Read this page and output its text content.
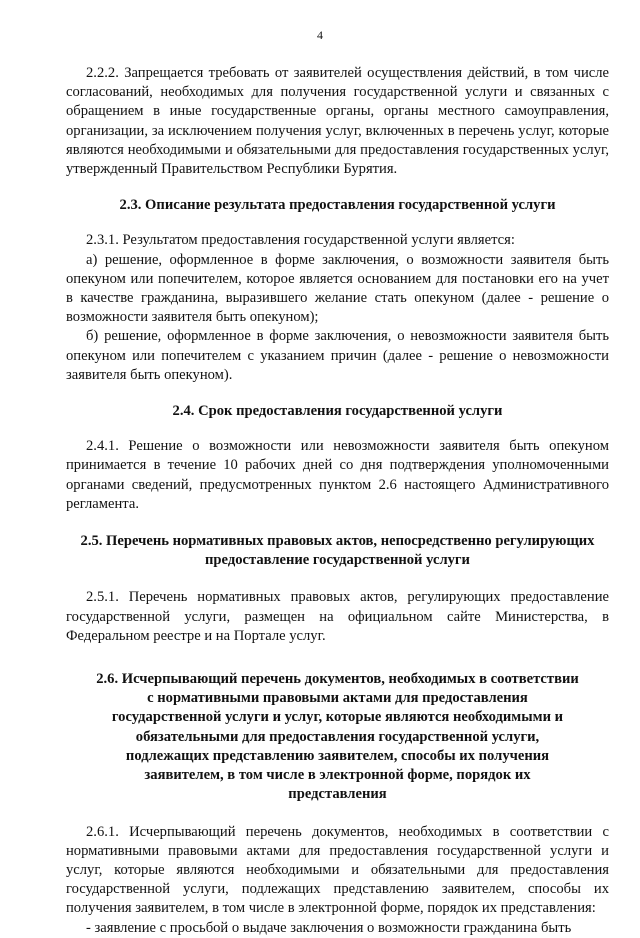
4

2.2.2. Запрещается требовать от заявителей осуществления действий, в том числе согласований, необходимых для получения государственной услуги и связанных с обращением в иные государственные органы, органы местного самоуправления, организации, за исключением получения услуг, включенных в перечень услуг, которые являются необходимыми и обязательными для предоставления государственных услуг, утвержденный Правительством Республики Бурятия.

2.3. Описание результата предоставления государственной услуги

2.3.1. Результатом предоставления государственной услуги является:

а) решение, оформленное в форме заключения, о возможности заявителя быть опекуном или попечителем, которое является основанием для постановки его на учет в качестве гражданина, выразившего желание стать опекуном (далее - решение о возможности заявителя быть опекуном);

б) решение, оформленное в форме заключения, о невозможности заявителя быть опекуном или попечителем с указанием причин (далее - решение о невозможности заявителя быть опекуном).

2.4. Срок предоставления государственной услуги

2.4.1. Решение о возможности или невозможности заявителя быть опекуном принимается в течение 10 рабочих дней со дня подтверждения уполномоченными органами сведений, предусмотренных пунктом 2.6 настоящего Административного регламента.

2.5. Перечень нормативных правовых актов, непосредственно регулирующих предоставление государственной услуги

2.5.1. Перечень нормативных правовых актов, регулирующих предоставление государственной услуги, размещен на официальном сайте Министерства, в Федеральном реестре и на Портале услуг.

2.6. Исчерпывающий перечень документов, необходимых в соответствии с нормативными правовыми актами для предоставления государственной услуги и услуг, которые являются необходимыми и обязательными для предоставления государственной услуги, подлежащих представлению заявителем, способы их получения заявителем, в том числе в электронной форме, порядок их представления

2.6.1. Исчерпывающий перечень документов, необходимых в соответствии с нормативными правовыми актами для предоставления государственной услуги и услуг, которые являются необходимыми и обязательными для предоставления государственной услуги, подлежащих представлению заявителем, способы их получения заявителем, в том числе в электронной форме, порядок их представления:

- заявление с просьбой о выдаче заключения о возможности гражданина быть
